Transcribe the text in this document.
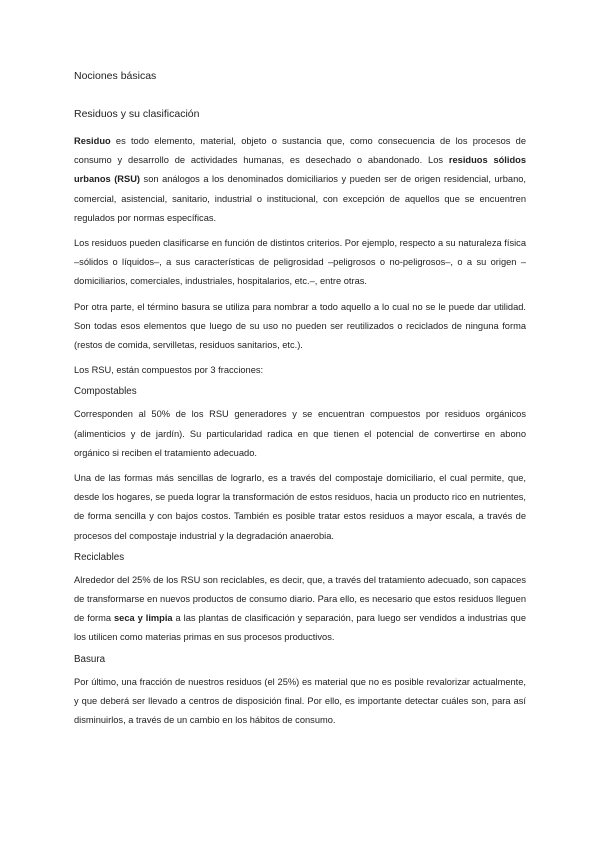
Nociones básicas
Residuos y su clasificación

Residuo es todo elemento, material, objeto o sustancia que, como consecuencia de los procesos de consumo y desarrollo de actividades humanas, es desechado o abandonado. Los residuos sólidos urbanos (RSU) son análogos a los denominados domiciliarios y pueden ser de origen residencial, urbano, comercial, asistencial, sanitario, industrial o institucional, con excepción de aquellos que se encuentren regulados por normas específicas.

Los residuos pueden clasificarse en función de distintos criterios. Por ejemplo, respecto a su naturaleza física –sólidos o líquidos–, a sus características de peligrosidad –peligrosos o no-peligrosos–, o a su origen –domiciliarios, comerciales, industriales, hospitalarios, etc.–, entre otras.

Por otra parte, el término basura se utiliza para nombrar a todo aquello a lo cual no se le puede dar utilidad. Son todas esos elementos que luego de su uso no pueden ser reutilizados o reciclados de ninguna forma (restos de comida, servilletas, residuos sanitarios, etc.).

Los RSU, están compuestos por 3 fracciones:

Compostables

Corresponden al 50% de los RSU generadores y se encuentran compuestos por residuos orgánicos (alimenticios y de jardín). Su particularidad radica en que tienen el potencial de convertirse en abono orgánico si reciben el tratamiento adecuado.

Una de las formas más sencillas de lograrlo, es a través del compostaje domiciliario, el cual permite, que, desde los hogares, se pueda lograr la transformación de estos residuos, hacia un producto rico en nutrientes, de forma sencilla y con bajos costos. También es posible tratar estos residuos a mayor escala, a través de procesos del compostaje industrial y la degradación anaerobia.

Reciclables

Alrededor del 25% de los RSU son reciclables, es decir, que, a través del tratamiento adecuado, son capaces de transformarse en nuevos productos de consumo diario. Para ello, es necesario que estos residuos lleguen de forma seca y limpia a las plantas de clasificación y separación, para luego ser vendidos a industrias que los utilicen como materias primas en sus procesos productivos.

Basura

Por último, una fracción de nuestros residuos (el 25%) es material que no es posible revalorizar actualmente, y que deberá ser llevado a centros de disposición final. Por ello, es importante detectar cuáles son, para así disminuirlos, a través de un cambio en los hábitos de consumo.
